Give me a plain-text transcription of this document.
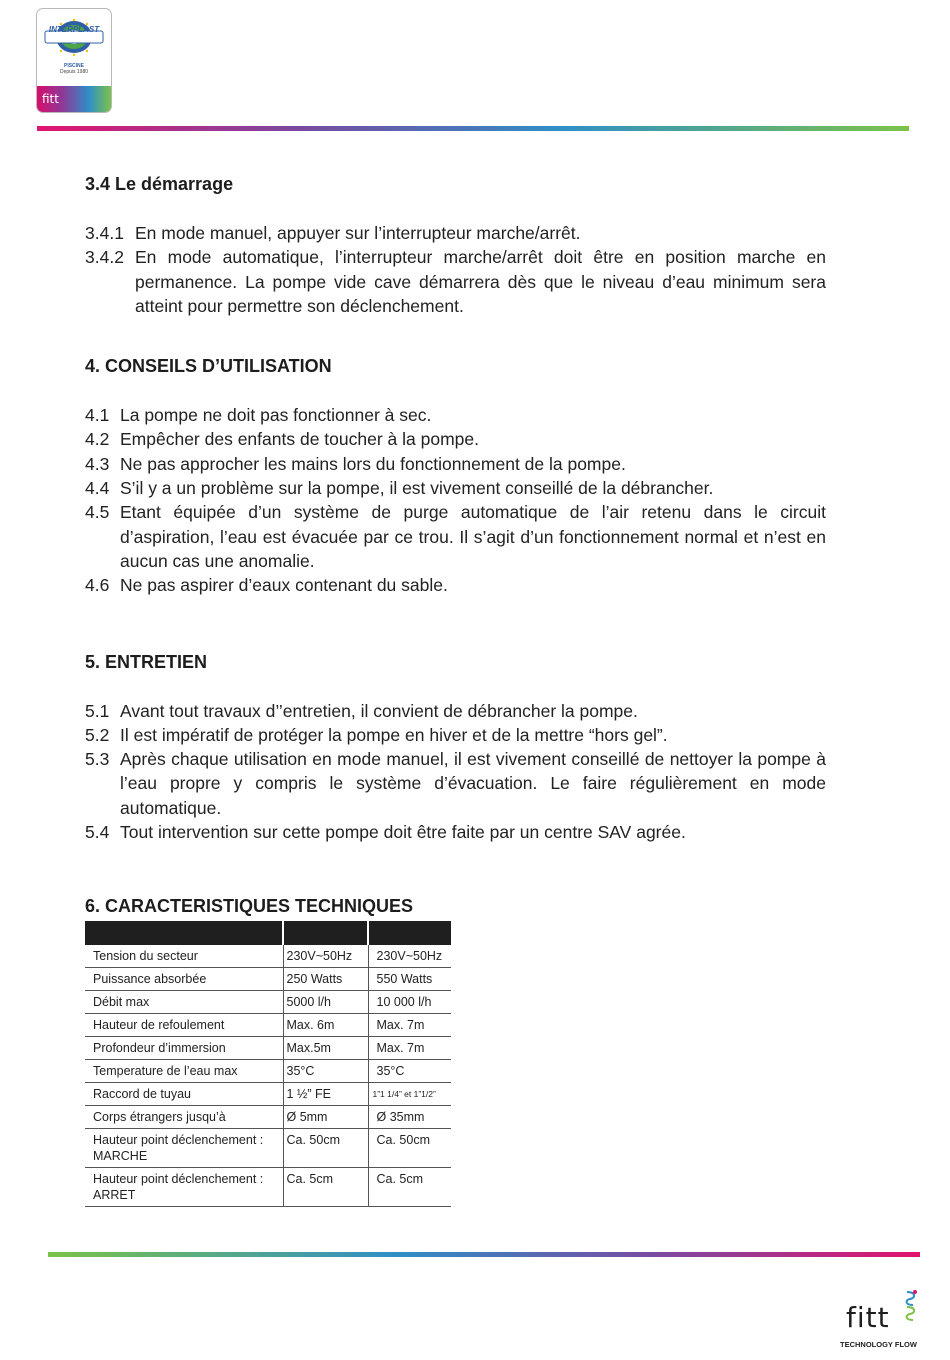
INTERPLAST
PISCINE
Depuis 1980
fitt
3.4 Le démarrage
3.4.1 En mode manuel, appuyer sur l’interrupteur marche/arrêt.
3.4.2 En mode automatique, l’interrupteur marche/arrêt doit être en position marche en permanence. La pompe vide cave démarrera dès que le niveau d’eau minimum sera atteint pour permettre son déclenchement.
4. CONSEILS D’UTILISATION
4.1 La pompe ne doit pas fonctionner à sec.
4.2 Empêcher des enfants de toucher à la pompe.
4.3 Ne pas approcher les mains lors du fonctionnement de la pompe.
4.4 S’il y a un problème sur la pompe, il est vivement conseillé de la débrancher.
4.5 Etant équipée d’un système de purge automatique de l’air retenu dans le circuit d’aspiration, l’eau est évacuée par ce trou. Il s’agit d’un fonctionnement normal et n’est en aucun cas une anomalie.
4.6 Ne pas aspirer d’eaux contenant du sable.
5. ENTRETIEN
5.1 Avant tout travaux d’’entretien, il convient de débrancher la pompe.
5.2 Il est impératif de protéger la pompe en hiver et de la mettre “hors gel”.
5.3 Après chaque utilisation en mode manuel, il est vivement conseillé de nettoyer la pompe à l’eau propre y compris le système d’évacuation. Le faire régulièrement en mode automatique.
5.4 Tout intervention sur cette pompe doit être faite par un centre SAV agrée.
6. CARACTERISTIQUES TECHNIQUES

Tension du secteur	230V~50Hz	230V~50Hz
Puissance absorbée	250 Watts	550 Watts
Débit max	5000 l/h	10 000 l/h
Hauteur de refoulement	Max. 6m	Max. 7m
Profondeur d’immersion	Max.5m	Max. 7m
Temperature de l’eau max	35°C	35°C
Raccord de tuyau	1 ½” FE	1”1 1/4” et 1”1/2”
Corps étrangers jusqu’à	Ø 5mm	Ø 35mm
Hauteur point déclenchement : MARCHE	Ca. 50cm	Ca. 50cm
Hauteur point déclenchement : ARRET	Ca. 5cm	Ca. 5cm
fitt
TECHNOLOGY FLOW
